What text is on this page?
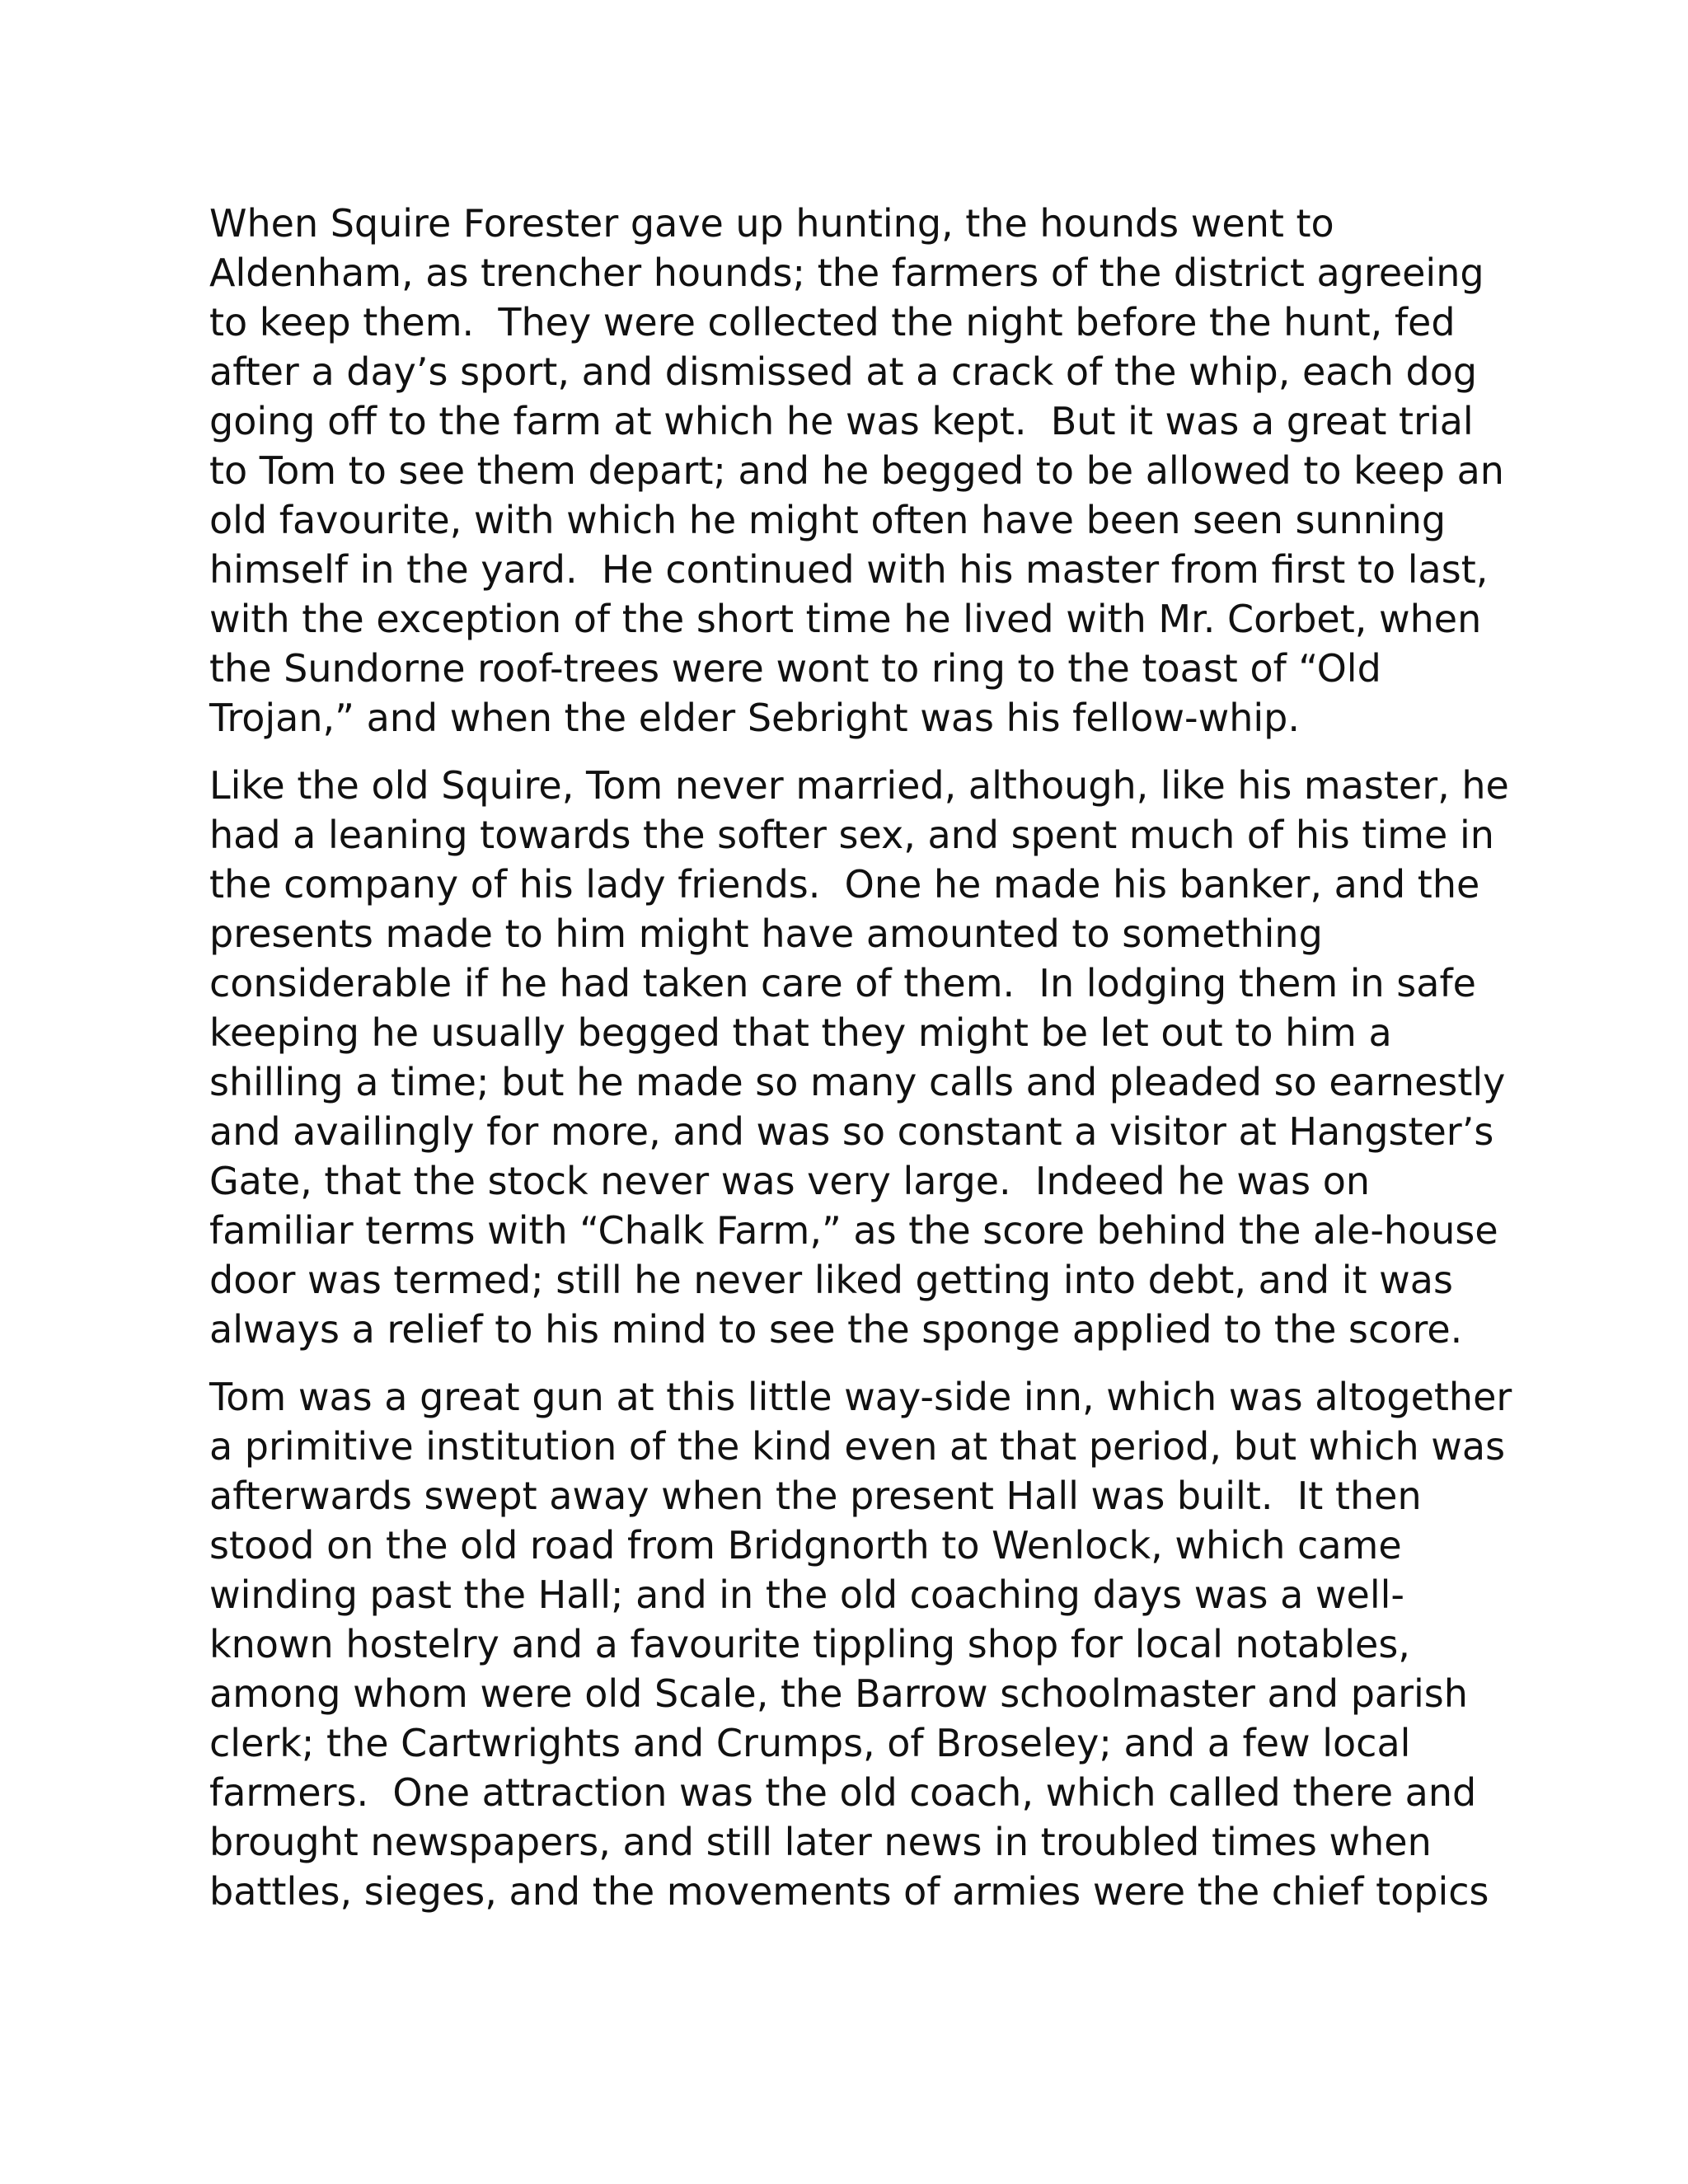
When Squire Forester gave up hunting, the hounds went to
Aldenham, as trencher hounds; the farmers of the district agreeing
to keep them.  They were collected the night before the hunt, fed
after a day’s sport, and dismissed at a crack of the whip, each dog
going off to the farm at which he was kept.  But it was a great trial
to Tom to see them depart; and he begged to be allowed to keep an
old favourite, with which he might often have been seen sunning
himself in the yard.  He continued with his master from first to last,
with the exception of the short time he lived with Mr. Corbet, when
the Sundorne roof-trees were wont to ring to the toast of “Old
Trojan,” and when the elder Sebright was his fellow-whip.
Like the old Squire, Tom never married, although, like his master, he
had a leaning towards the softer sex, and spent much of his time in
the company of his lady friends.  One he made his banker, and the
presents made to him might have amounted to something
considerable if he had taken care of them.  In lodging them in safe
keeping he usually begged that they might be let out to him a
shilling a time; but he made so many calls and pleaded so earnestly
and availingly for more, and was so constant a visitor at Hangster’s
Gate, that the stock never was very large.  Indeed he was on
familiar terms with “Chalk Farm,” as the score behind the ale-house
door was termed; still he never liked getting into debt, and it was
always a relief to his mind to see the sponge applied to the score.
Tom was a great gun at this little way-side inn, which was altogether
a primitive institution of the kind even at that period, but which was
afterwards swept away when the present Hall was built.  It then
stood on the old road from Bridgnorth to Wenlock, which came
winding past the Hall; and in the old coaching days was a well-
known hostelry and a favourite tippling shop for local notables,
among whom were old Scale, the Barrow schoolmaster and parish
clerk; the Cartwrights and Crumps, of Broseley; and a few local
farmers.  One attraction was the old coach, which called there and
brought newspapers, and still later news in troubled times when
battles, sieges, and the movements of armies were the chief topics
